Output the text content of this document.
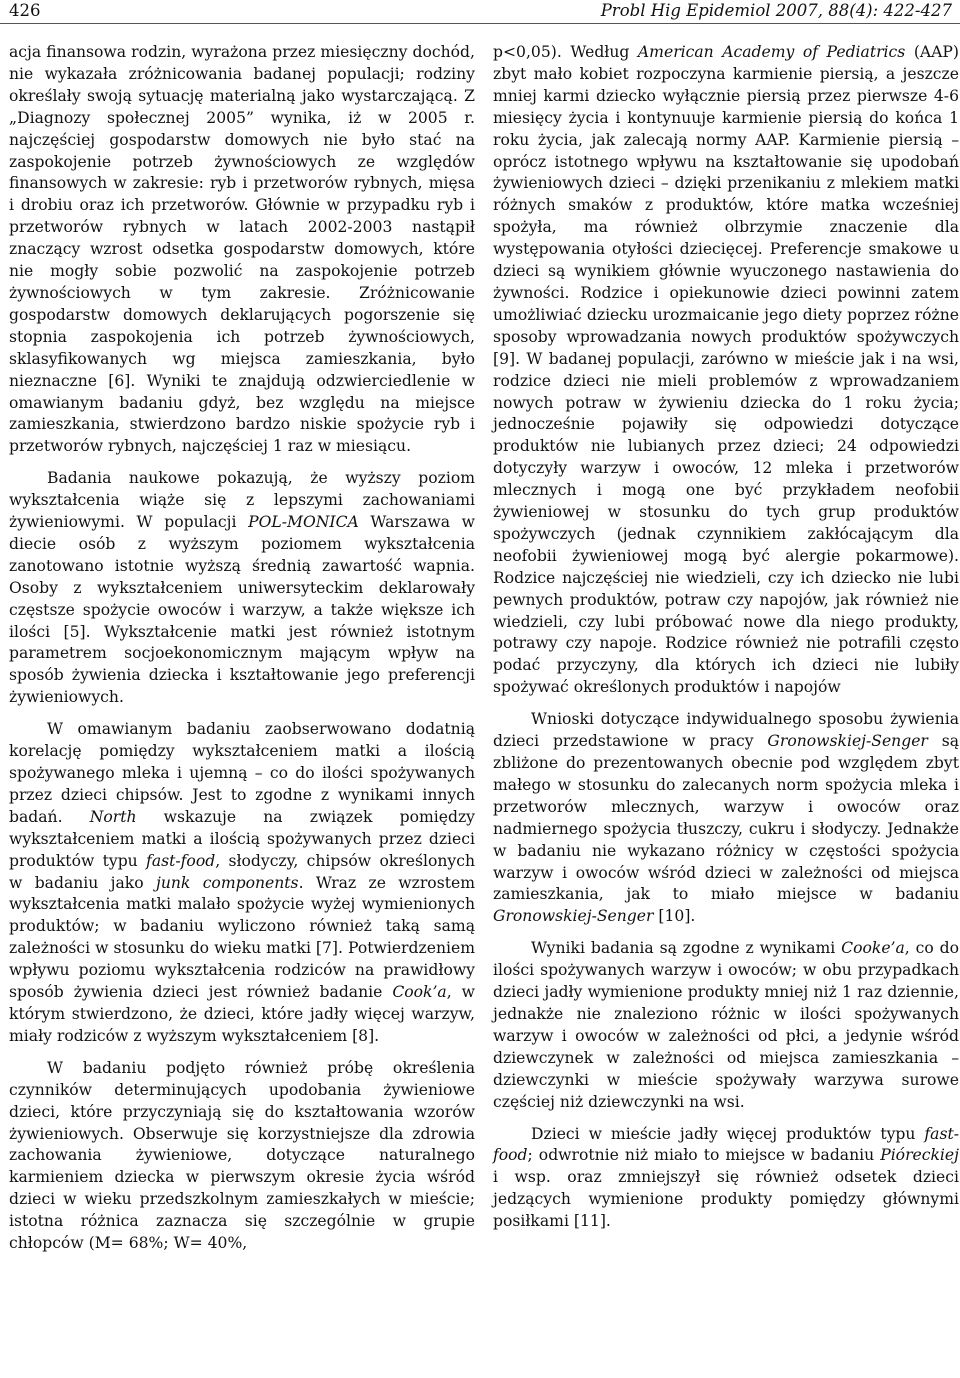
426	Probl Hig Epidemiol 2007, 88(4): 422-427

acja finansowa rodzin, wyrażona przez miesięczny dochód, nie wykazała zróżnicowania badanej populacji; rodziny określały swoją sytuację materialną jako wystarczającą. Z „Diagnozy społecznej 2005” wynika, iż w 2005 r. najczęściej gospodarstw domowych nie było stać na zaspokojenie potrzeb żywnościowych ze względów finansowych w zakresie: ryb i przetworów rybnych, mięsa i drobiu oraz ich przetworów. Głównie w przypadku ryb i przetworów rybnych w latach 2002-2003 nastąpił znaczący wzrost odsetka gospodarstw domowych, które nie mogły sobie pozwolić na zaspokojenie potrzeb żywnościowych w tym zakresie. Zróżnicowanie gospodarstw domowych deklarujących pogorszenie się stopnia zaspokojenia ich potrzeb żywnościowych, sklasyfikowanych wg miejsca zamieszkania, było nieznaczne [6]. Wyniki te znajdują odzwierciedlenie w omawianym badaniu gdyż, bez względu na miejsce zamieszkania, stwierdzono bardzo niskie spożycie ryb i przetworów rybnych, najczęściej 1 raz w miesiącu.

Badania naukowe pokazują, że wyższy poziom wykształcenia wiąże się z lepszymi zachowaniami żywieniowymi. W populacji POL-MONICA Warszawa w diecie osób z wyższym poziomem wykształcenia zanotowano istotnie wyższą średnią zawartość wapnia. Osoby z wykształceniem uniwersyteckim deklarowały częstsze spożycie owoców i warzyw, a także większe ich ilości [5]. Wykształcenie matki jest również istotnym parametrem socjoekonomicznym mającym wpływ na sposób żywienia dziecka i kształtowanie jego preferencji żywieniowych.

W omawianym badaniu zaobserwowano dodatnią korelację pomiędzy wykształceniem matki a ilością spożywanego mleka i ujemną – co do ilości spożywanych przez dzieci chipsów. Jest to zgodne z wynikami innych badań. North wskazuje na związek pomiędzy wykształceniem matki a ilością spożywanych przez dzieci produktów typu fast-food, słodyczy, chipsów określonych w badaniu jako junk components. Wraz ze wzrostem wykształcenia matki malało spożycie wyżej wymienionych produktów; w badaniu wyliczono również taką samą zależności w stosunku do wieku matki [7]. Potwierdzeniem wpływu poziomu wykształcenia rodziców na prawidłowy sposób żywienia dzieci jest również badanie Cook’a, w którym stwierdzono, że dzieci, które jadły więcej warzyw, miały rodziców z wyższym wykształceniem [8].

W badaniu podjęto również próbę określenia czynników determinujących upodobania żywieniowe dzieci, które przyczyniają się do kształtowania wzorów żywieniowych. Obserwuje się korzystniejsze dla zdrowia zachowania żywieniowe, dotyczące naturalnego karmieniem dziecka w pierwszym okresie życia wśród dzieci w wieku przedszkolnym zamieszkałych w mieście; istotna różnica zaznacza się szczególnie w grupie chłopców (M= 68%; W= 40%,

p<0,05). Według American Academy of Pediatrics (AAP) zbyt mało kobiet rozpoczyna karmienie piersią, a jeszcze mniej karmi dziecko wyłącznie piersią przez pierwsze 4-6 miesięcy życia i kontynuuje karmienie piersią do końca 1 roku życia, jak zalecają normy AAP. Karmienie piersią – oprócz istotnego wpływu na kształtowanie się upodobań żywieniowych dzieci – dzięki przenikaniu z mlekiem matki różnych smaków z produktów, które matka wcześniej spożyła, ma również olbrzymie znaczenie dla występowania otyłości dziecięcej. Preferencje smakowe u dzieci są wynikiem głównie wyuczonego nastawienia do żywności. Rodzice i opiekunowie dzieci powinni zatem umożliwiać dziecku urozmaicanie jego diety poprzez różne sposoby wprowadzania nowych produktów spożywczych [9]. W badanej populacji, zarówno w mieście jak i na wsi, rodzice dzieci nie mieli problemów z wprowadzaniem nowych potraw w żywieniu dziecka do 1 roku życia; jednocześnie pojawiły się odpowiedzi dotyczące produktów nie lubianych przez dzieci; 24 odpowiedzi dotyczyły warzyw i owoców, 12 mleka i przetworów mlecznych i mogą one być przykładem neofobii żywieniowej w stosunku do tych grup produktów spożywczych (jednak czynnikiem zakłócającym dla neofobii żywieniowej mogą być alergie pokarmowe). Rodzice najczęściej nie wiedzieli, czy ich dziecko nie lubi pewnych produktów, potraw czy napojów, jak również nie wiedzieli, czy lubi próbować nowe dla niego produkty, potrawy czy napoje. Rodzice również nie potrafili często podać przyczyny, dla których ich dzieci nie lubiły spożywać określonych produktów i napojów

Wnioski dotyczące indywidualnego sposobu żywienia dzieci przedstawione w pracy Gronowskiej-Senger są zbliżone do prezentowanych obecnie pod względem zbyt małego w stosunku do zalecanych norm spożycia mleka i przetworów mlecznych, warzyw i owoców oraz nadmiernego spożycia tłuszczy, cukru i słodyczy. Jednakże w badaniu nie wykazano różnicy w częstości spożycia warzyw i owoców wśród dzieci w zależności od miejsca zamieszkania, jak to miało miejsce w badaniu Gronowskiej-Senger [10].

Wyniki badania są zgodne z wynikami Cooke’a, co do ilości spożywanych warzyw i owoców; w obu przypadkach dzieci jadły wymienione produkty mniej niż 1 raz dziennie, jednakże nie znaleziono różnic w ilości spożywanych warzyw i owoców w zależności od płci, a jedynie wśród dziewczynek w zależności od miejsca zamieszkania – dziewczynki w mieście spożywały warzywa surowe częściej niż dziewczynki na wsi.

Dzieci w mieście jadły więcej produktów typu fast-food; odwrotnie niż miało to miejsce w badaniu Pióreckiej i wsp. oraz zmniejszył się również odsetek dzieci jedzących wymienione produkty pomiędzy głównymi posiłkami [11].
